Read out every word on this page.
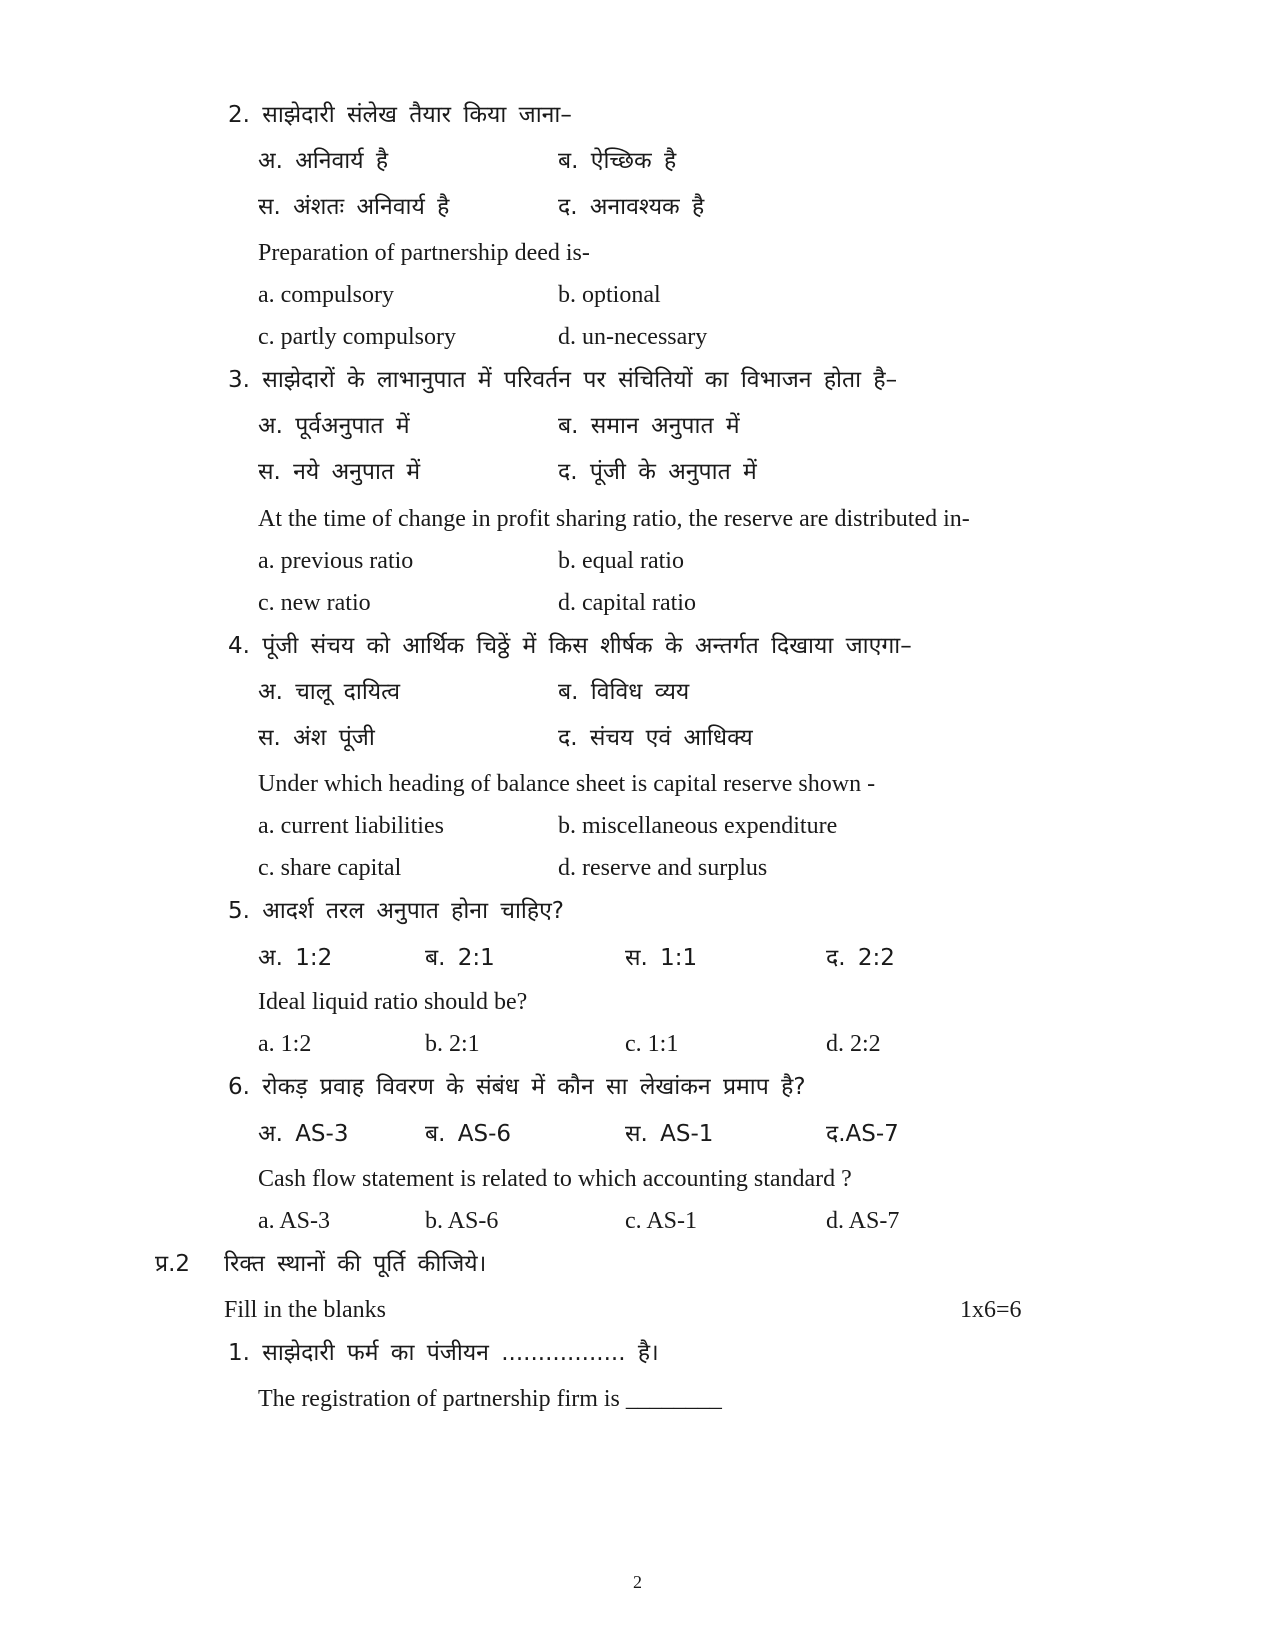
2. साझेदारी संलेख तैयार किया जाना–
अ. अनिवार्य है	ब. ऐच्छिक है
स. अंशतः अनिवार्य है	द. अनावश्यक है
Preparation of partnership deed is-
a. compulsory	b. optional
c. partly compulsory	d. un-necessary
3. साझेदारों के लाभानुपात में परिवर्तन पर संचितियों का विभाजन होता है–
अ. पूर्वअनुपात में	ब. समान अनुपात में
स. नये अनुपात में	द. पूंजी के अनुपात में
At the time of change in profit sharing ratio, the reserve are distributed in-
a. previous ratio	b. equal ratio
c. new ratio	d. capital ratio
4. पूंजी संचय को आर्थिक चिठ्ठें में किस शीर्षक के अन्तर्गत दिखाया जाएगा–
अ. चालू दायित्व	ब. विविध व्यय
स. अंश पूंजी	द. संचय एवं आधिक्य
Under which heading of balance sheet is capital reserve shown -
a. current liabilities	b. miscellaneous expenditure
c. share capital	d. reserve and surplus
5. आदर्श तरल अनुपात होना चाहिए?
अ. 1:2	ब. 2:1	स. 1:1	द. 2:2
Ideal liquid ratio should be?
a. 1:2	b. 2:1	c. 1:1	d. 2:2
6. रोकड़ प्रवाह विवरण के संबंध में कौन सा लेखांकन प्रमाप है?
अ. AS-3	ब. AS-6	स. AS-1	द.AS-7
Cash flow statement is related to which accounting standard ?
a. AS-3	b. AS-6	c. AS-1	d. AS-7
प्र.2 रिक्त स्थानों की पूर्ति कीजिये।
Fill in the blanks	1x6=6
1. साझेदारी फर्म का पंजीयन ................. है।
The registration of partnership firm is ________
2
